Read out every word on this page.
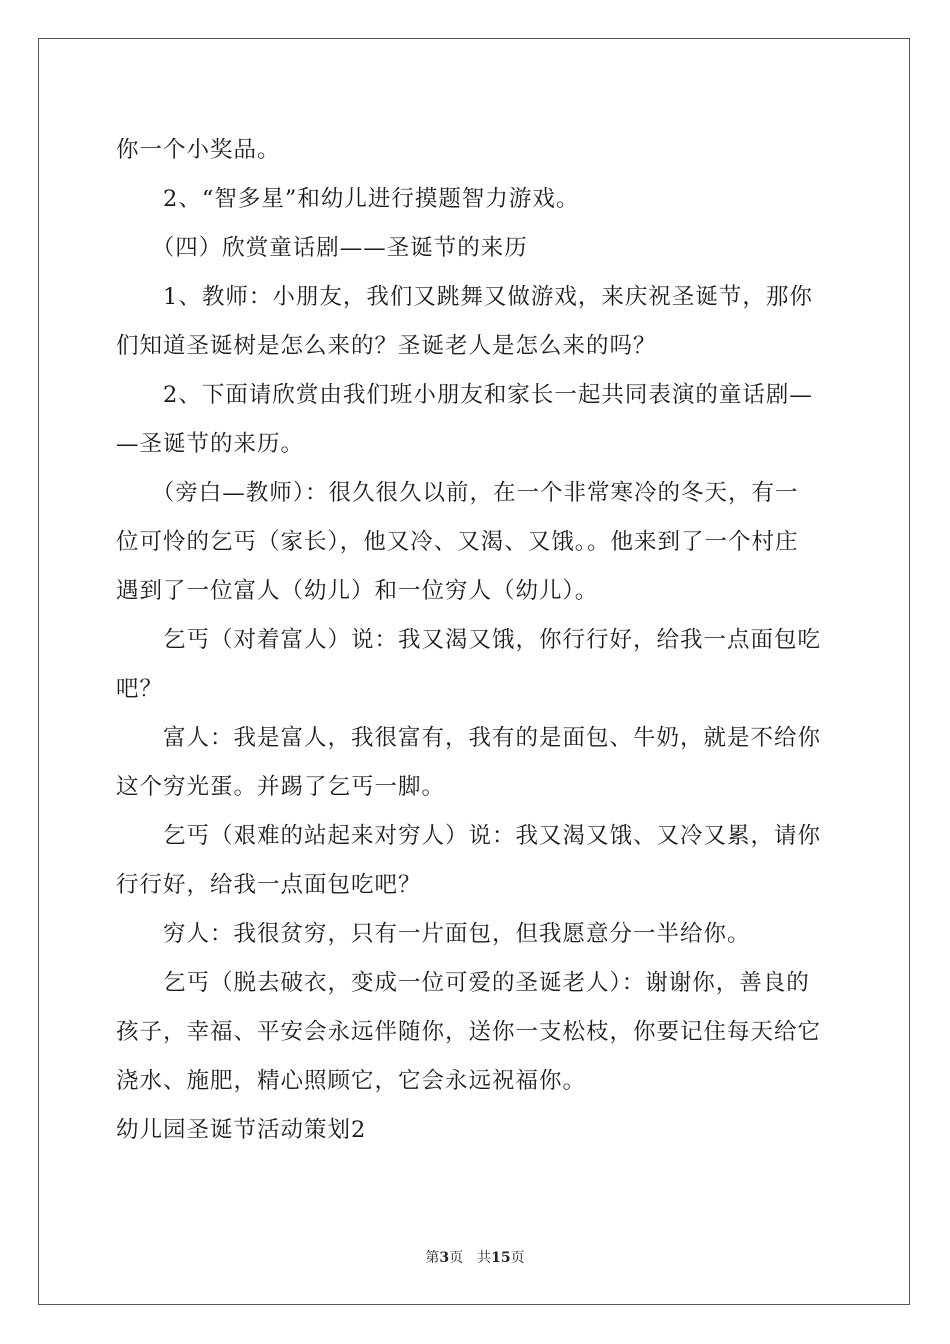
你一个小奖品。
　　2、“智多星”和幼儿进行摸题智力游戏。
　　（四）欣赏童话剧——圣诞节的来历
　　1、教师：小朋友，我们又跳舞又做游戏，来庆祝圣诞节，那你
们知道圣诞树是怎么来的？圣诞老人是怎么来的吗？
　　2、下面请欣赏由我们班小朋友和家长一起共同表演的童话剧—
—圣诞节的来历。
　　（旁白—教师）：很久很久以前，在一个非常寒冷的冬天，有一
位可怜的乞丐（家长），他又冷、又渴、又饿。。他来到了一个村庄
遇到了一位富人（幼儿）和一位穷人（幼儿）。
　　乞丐（对着富人）说：我又渴又饿，你行行好，给我一点面包吃
吧？
　　富人：我是富人，我很富有，我有的是面包、牛奶，就是不给你
这个穷光蛋。并踢了乞丐一脚。
　　乞丐（艰难的站起来对穷人）说：我又渴又饿、又冷又累，请你
行行好，给我一点面包吃吧？
　　穷人：我很贫穷，只有一片面包，但我愿意分一半给你。
　　乞丐（脱去破衣，变成一位可爱的圣诞老人）：谢谢你，善良的
孩子，幸福、平安会永远伴随你，送你一支松枝，你要记住每天给它
浇水、施肥，精心照顾它，它会永远祝福你。
幼儿园圣诞节活动策划2
第3页　共15页
